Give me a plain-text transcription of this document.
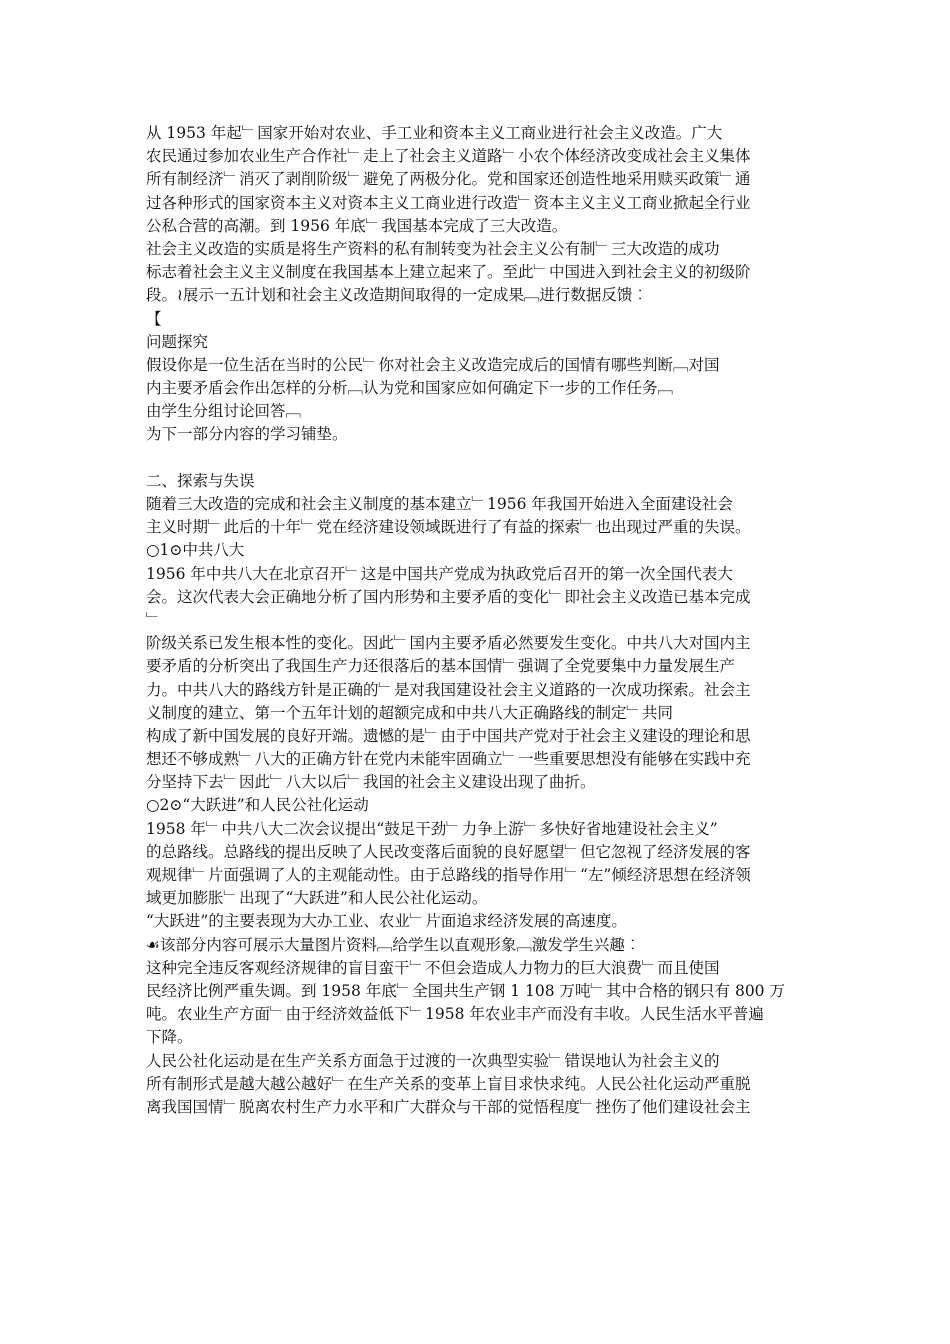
从 1953 年起﹂国家开始对农业、手工业和资本主义工商业进行社会主义改造。广大
农民通过参加农业生产合作社﹂走上了社会主义道路﹂小农个体经济改变成社会主义集体
所有制经济﹂消灭了剥削阶级﹂避免了两极分化。党和国家还创造性地采用赎买政策﹂通
过各种形式的国家资本主义对资本主义工商业进行改造﹂资本主义主义工商业掀起全行业
公私合营的高潮。到 1956 年底﹂我国基本完成了三大改造。
社会主义改造的实质是将生产资料的私有制转变为社会主义公有制﹂三大改造的成功
标志着社会主义主义制度在我国基本上建立起来了。至此﹂中国进入到社会主义的初级阶
段。≀展示一五计划和社会主义改造期间取得的一定成果﹇进行数据反馈︰
【
问题探究
假设你是一位生活在当时的公民﹂你对社会主义改造完成后的国情有哪些判断﹇对国
内主要矛盾会作出怎样的分析﹇认为党和国家应如何确定下一步的工作任务﹇
由学生分组讨论回答﹇
为下一部分内容的学习铺垫。
二、探索与失误
随着三大改造的完成和社会主义制度的基本建立﹂1956 年我国开始进入全面建设社会
主义时期﹂此后的十年﹂党在经济建设领域既进行了有益的探索﹂也出现过严重的失误。
○1⊙中共八大
1956 年中共八大在北京召开﹂这是中国共产党成为执政党后召开的第一次全国代表大
会。这次代表大会正确地分析了国内形势和主要矛盾的变化﹂即社会主义改造已基本完成
﹂
阶级关系已发生根本性的变化。因此﹂国内主要矛盾必然要发生变化。中共八大对国内主
要矛盾的分析突出了我国生产力还很落后的基本国情﹂强调了全党要集中力量发展生产
力。中共八大的路线方针是正确的﹂是对我国建设社会主义道路的一次成功探索。社会主
义制度的建立、第一个五年计划的超额完成和中共八大正确路线的制定﹂共同
构成了新中国发展的良好开端。遗憾的是﹂由于中国共产党对于社会主义建设的理论和思
想还不够成熟﹂八大的正确方针在党内未能牢固确立﹂一些重要思想没有能够在实践中充
分坚持下去﹂因此﹂八大以后﹂我国的社会主义建设出现了曲折。
○2⊙“大跃进”和人民公社化运动
1958 年﹂中共八大二次会议提出“鼓足干劲﹂力争上游﹂多快好省地建设社会主义”
的总路线。总路线的提出反映了人民改变落后面貌的良好愿望﹂但它忽视了经济发展的客
观规律﹂片面强调了人的主观能动性。由于总路线的指导作用﹂“左”倾经济思想在经济领
域更加膨胀﹂出现了“大跃进”和人民公社化运动。
“大跃进”的主要表现为大办工业、农业﹂片面追求经济发展的高速度。
☙该部分内容可展示大量图片资料﹇给学生以直观形象﹇激发学生兴趣︰
这种完全违反客观经济规律的盲目蛮干﹂不但会造成人力物力的巨大浪费﹂而且使国
民经济比例严重失调。到 1958 年底﹂全国共生产钢 1 108 万吨﹂其中合格的钢只有 800 万
吨。农业生产方面﹂由于经济效益低下﹂1958 年农业丰产而没有丰收。人民生活水平普遍
下降。
人民公社化运动是在生产关系方面急于过渡的一次典型实验﹂错误地认为社会主义的
所有制形式是越大越公越好﹂在生产关系的变革上盲目求快求纯。人民公社化运动严重脱
离我国国情﹂脱离农村生产力水平和广大群众与干部的觉悟程度﹂挫伤了他们建设社会主
